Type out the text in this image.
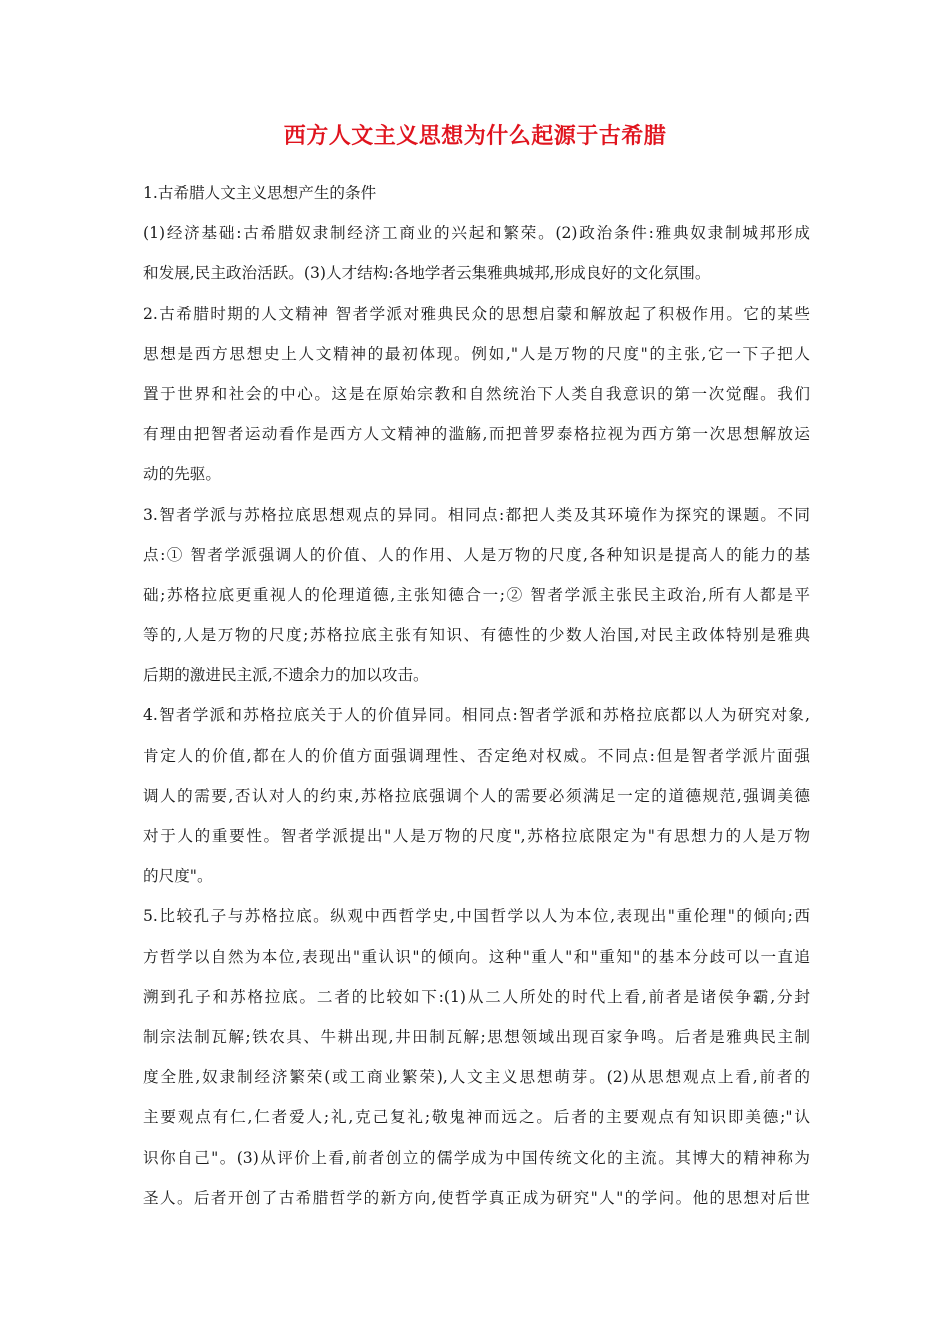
西方人文主义思想为什么起源于古希腊
1.古希腊人文主义思想产生的条件
(1)经济基础:古希腊奴隶制经济工商业的兴起和繁荣。(2)政治条件:雅典奴隶制城邦形成
和发展,民主政治活跃。(3)人才结构:各地学者云集雅典城邦,形成良好的文化氛围。
2.古希腊时期的人文精神 智者学派对雅典民众的思想启蒙和解放起了积极作用。它的某些
思想是西方思想史上人文精神的最初体现。例如,"人是万物的尺度"的主张,它一下子把人
置于世界和社会的中心。这是在原始宗教和自然统治下人类自我意识的第一次觉醒。我们
有理由把智者运动看作是西方人文精神的滥觞,而把普罗泰格拉视为西方第一次思想解放运
动的先驱。
3.智者学派与苏格拉底思想观点的异同。相同点:都把人类及其环境作为探究的课题。不同
点:① 智者学派强调人的价值、人的作用、人是万物的尺度,各种知识是提高人的能力的基
础;苏格拉底更重视人的伦理道德,主张知德合一;② 智者学派主张民主政治,所有人都是平
等的,人是万物的尺度;苏格拉底主张有知识、有德性的少数人治国,对民主政体特别是雅典
后期的激进民主派,不遗余力的加以攻击。
4.智者学派和苏格拉底关于人的价值异同。相同点:智者学派和苏格拉底都以人为研究对象,
肯定人的价值,都在人的价值方面强调理性、否定绝对权威。不同点:但是智者学派片面强
调人的需要,否认对人的约束,苏格拉底强调个人的需要必须满足一定的道德规范,强调美德
对于人的重要性。智者学派提出"人是万物的尺度",苏格拉底限定为"有思想力的人是万物
的尺度"。
5.比较孔子与苏格拉底。纵观中西哲学史,中国哲学以人为本位,表现出"重伦理"的倾向;西
方哲学以自然为本位,表现出"重认识"的倾向。这种"重人"和"重知"的基本分歧可以一直追
溯到孔子和苏格拉底。二者的比较如下:(1)从二人所处的时代上看,前者是诸侯争霸,分封
制宗法制瓦解;铁农具、牛耕出现,井田制瓦解;思想领域出现百家争鸣。后者是雅典民主制
度全胜,奴隶制经济繁荣(或工商业繁荣),人文主义思想萌芽。(2)从思想观点上看,前者的
主要观点有仁,仁者爱人;礼,克己复礼;敬鬼神而远之。后者的主要观点有知识即美德;"认
识你自己"。(3)从评价上看,前者创立的儒学成为中国传统文化的主流。其博大的精神称为
圣人。后者开创了古希腊哲学的新方向,使哲学真正成为研究"人"的学问。他的思想对后世
